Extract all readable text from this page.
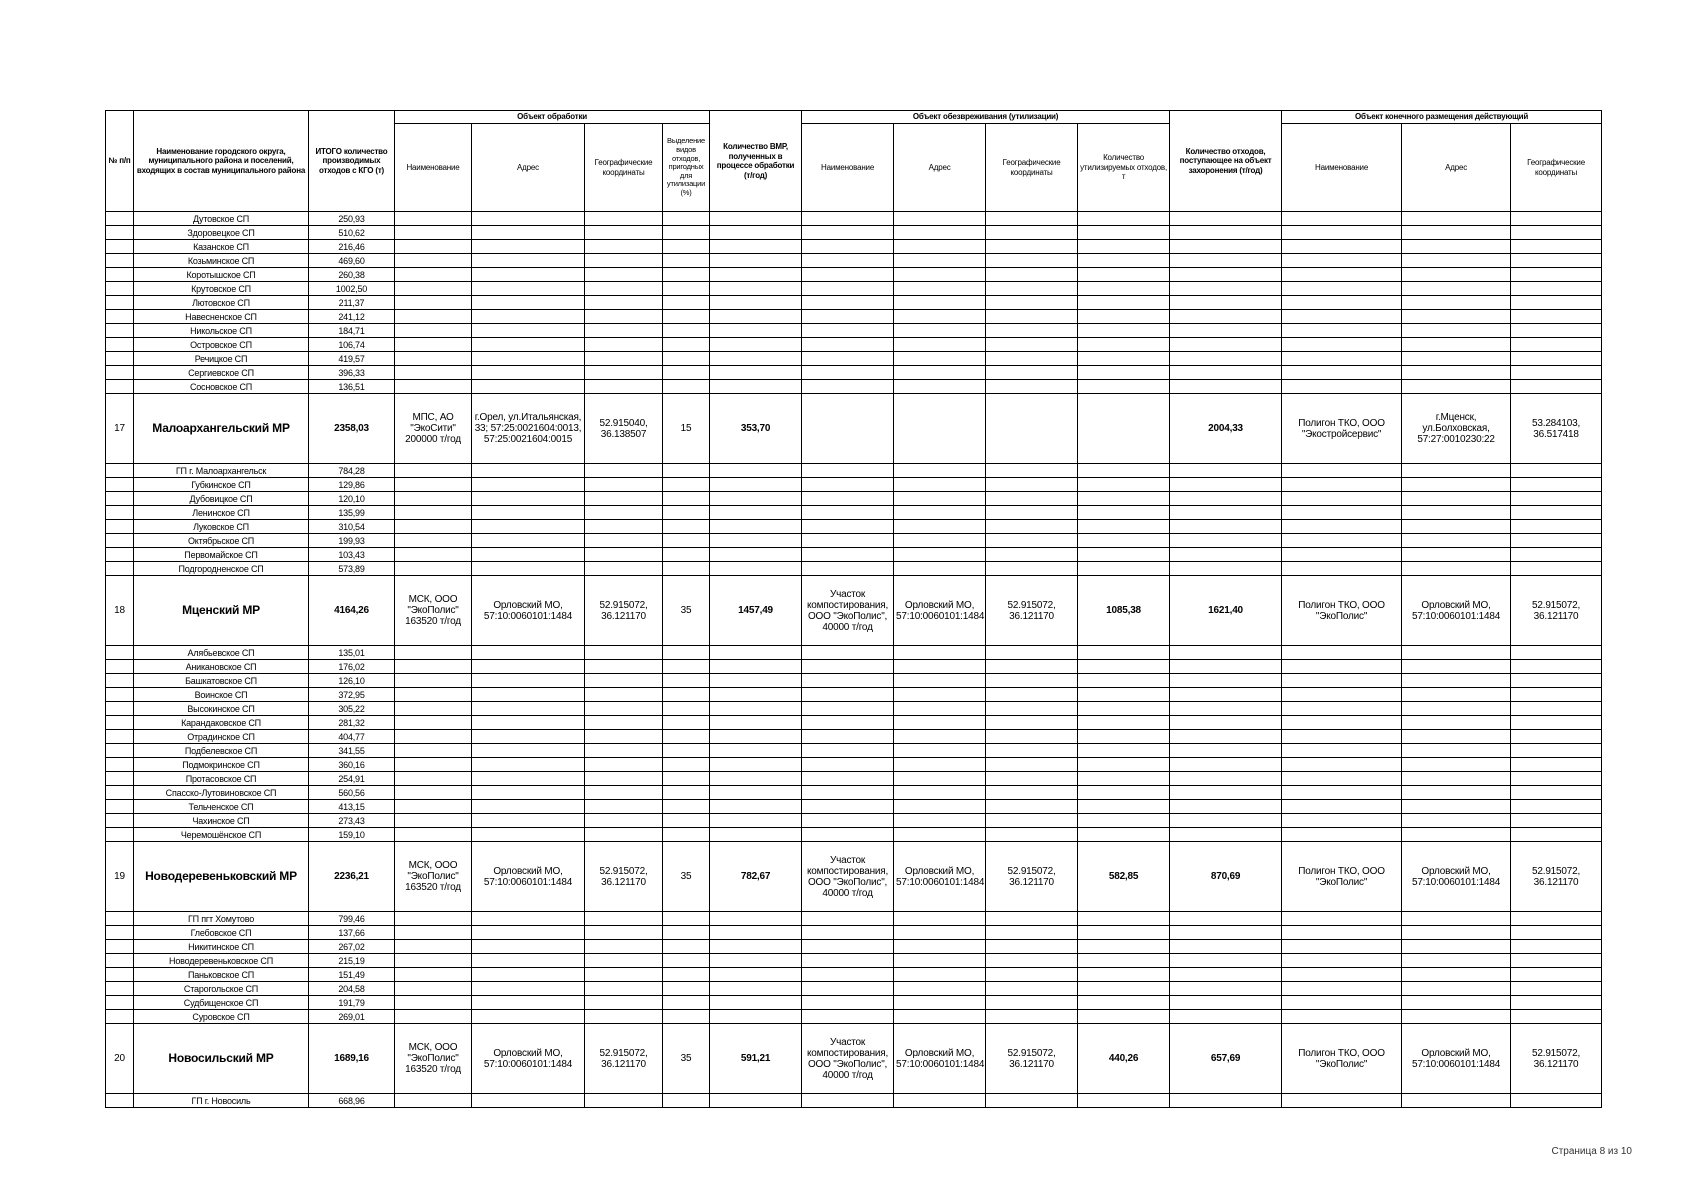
№ п/п	Наименование городского округа, муниципального района и поселений, входящих в состав муниципального района	ИТОГО количество производимых отходов с КГО (т)	Объект обработки				Количество ВМР, полученных в процессе обработки (т/год)	Объект обезвреживания (утилизации)				Количество отходов, поступающее на объект захоронения (т/год)	Объект конечного размещения действующий		
			Наименование	Адрес	Географические координаты	Выделение видов отходов, пригодных для утилизации (%)		Наименование	Адрес	Географические координаты	Количество утилизируемых отходов, т		Наименование	Адрес	Географические координаты
	Дутовское СП	250,93													
	Здоровецкое СП	510,62													
	Казанское СП	216,46													
	Козьминское СП	469,60													
	Коротышское СП	260,38													
	Крутовское СП	1002,50													
	Лютовское СП	211,37													
	Навесненское СП	241,12													
	Никольское СП	184,71													
	Островское СП	106,74													
	Речицкое СП	419,57													
	Сергиевское СП	396,33													
	Сосновское СП	136,51													
17	Малоархангельский МР	2358,03	МПС, АО "ЭкоСити" 200000 т/год	г.Орел, ул.Итальянская, 33; 57:25:0021604:0013, 57:25:0021604:0015	52.915040, 36.138507	15	353,70					2004,33	Полигон ТКО, ООО "Экостройсервис"	г.Мценск, ул.Болховская, 57:27:0010230:22	53.284103, 36.517418
	ГП г. Малоархангельск	784,28													
	Губкинское СП	129,86													
	Дубовицкое СП	120,10													
	Ленинское СП	135,99													
	Луковское СП	310,54													
	Октябрьское СП	199,93													
	Первомайское СП	103,43													
	Подгородненское СП	573,89													
18	Мценский МР	4164,26	МСК, ООО "ЭкоПолис" 163520 т/год	Орловский МО, 57:10:0060101:1484	52.915072, 36.121170	35	1457,49	Участок компостирования, ООО "ЭкоПолис", 40000 т/год	Орловский МО, 57:10:0060101:1484	52.915072, 36.121170	1085,38	1621,40	Полигон ТКО, ООО "ЭкоПолис"	Орловский МО, 57:10:0060101:1484	52.915072, 36.121170
	Алябьевское СП	135,01													
	Аникановское СП	176,02													
	Башкатовское СП	126,10													
	Воинское СП	372,95													
	Высокинское СП	305,22													
	Карандаковское СП	281,32													
	Отрадинское СП	404,77													
	Подбелевское СП	341,55													
	Подмокринское СП	360,16													
	Протасовское СП	254,91													
	Спасско-Лутовиновское СП	560,56													
	Тельченское СП	413,15													
	Чахинское СП	273,43													
	Черемошёнское СП	159,10													
19	Новодеревеньковский МР	2236,21	МСК, ООО "ЭкоПолис" 163520 т/год	Орловский МО, 57:10:0060101:1484	52.915072, 36.121170	35	782,67	Участок компостирования, ООО "ЭкоПолис", 40000 т/год	Орловский МО, 57:10:0060101:1484	52.915072, 36.121170	582,85	870,69	Полигон ТКО, ООО "ЭкоПолис"	Орловский МО, 57:10:0060101:1484	52.915072, 36.121170
	ГП пгт Хомутово	799,46													
	Глебовское СП	137,66													
	Никитинское СП	267,02													
	Новодеревеньковское СП	215,19													
	Паньковское СП	151,49													
	Старогольское СП	204,58													
	Судбищенское СП	191,79													
	Суровское СП	269,01													
20	Новосильский МР	1689,16	МСК, ООО "ЭкоПолис" 163520 т/год	Орловский МО, 57:10:0060101:1484	52.915072, 36.121170	35	591,21	Участок компостирования, ООО "ЭкоПолис", 40000 т/год	Орловский МО, 57:10:0060101:1484	52.915072, 36.121170	440,26	657,69	Полигон ТКО, ООО "ЭкоПолис"	Орловский МО, 57:10:0060101:1484	52.915072, 36.121170
	ГП г. Новосиль	668,96													
Страница 8 из 10
